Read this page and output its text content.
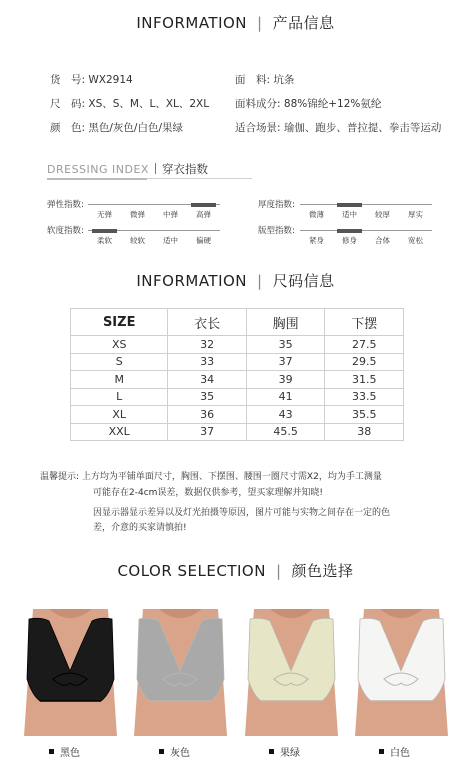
INFORMATION | 产品信息
货　号: WX2914
尺　码: XS、S、M、L、XL、2XL
颜　色: 黑色/灰色/白色/果绿
面　料: 坑条
面料成分: 88%锦纶+12%氨纶
适合场景: 瑜伽、跑步、普拉提、拳击等运动
DRESSING INDEX 穿衣指数
弹性指数:
无弹	微弹	中弹	高弹
软度指数:
柔软	较软	适中	偏硬
厚度指数:
微薄	适中	较厚	厚实
版型指数:
紧身	修身	合体	宽松
INFORMATION | 尺码信息
SIZE	衣长	胸围	下摆
XS	32	35	27.5
S	33	37	29.5
M	34	39	31.5
L	35	41	33.5
XL	36	43	35.5
XXL	37	45.5	38
温馨提示: 上方均为平铺单面尺寸，胸围、下摆围、腰围一圈尺寸需X2，均为手工测量
可能存在2-4cm误差，数据仅供参考，望买家理解并知晓!
因显示器显示差异以及灯光拍摄等原因，图片可能与实物之间存在一定的色
差，介意的买家请慎拍!
COLOR SELECTION | 颜色选择
黑色	灰色	果绿	白色
